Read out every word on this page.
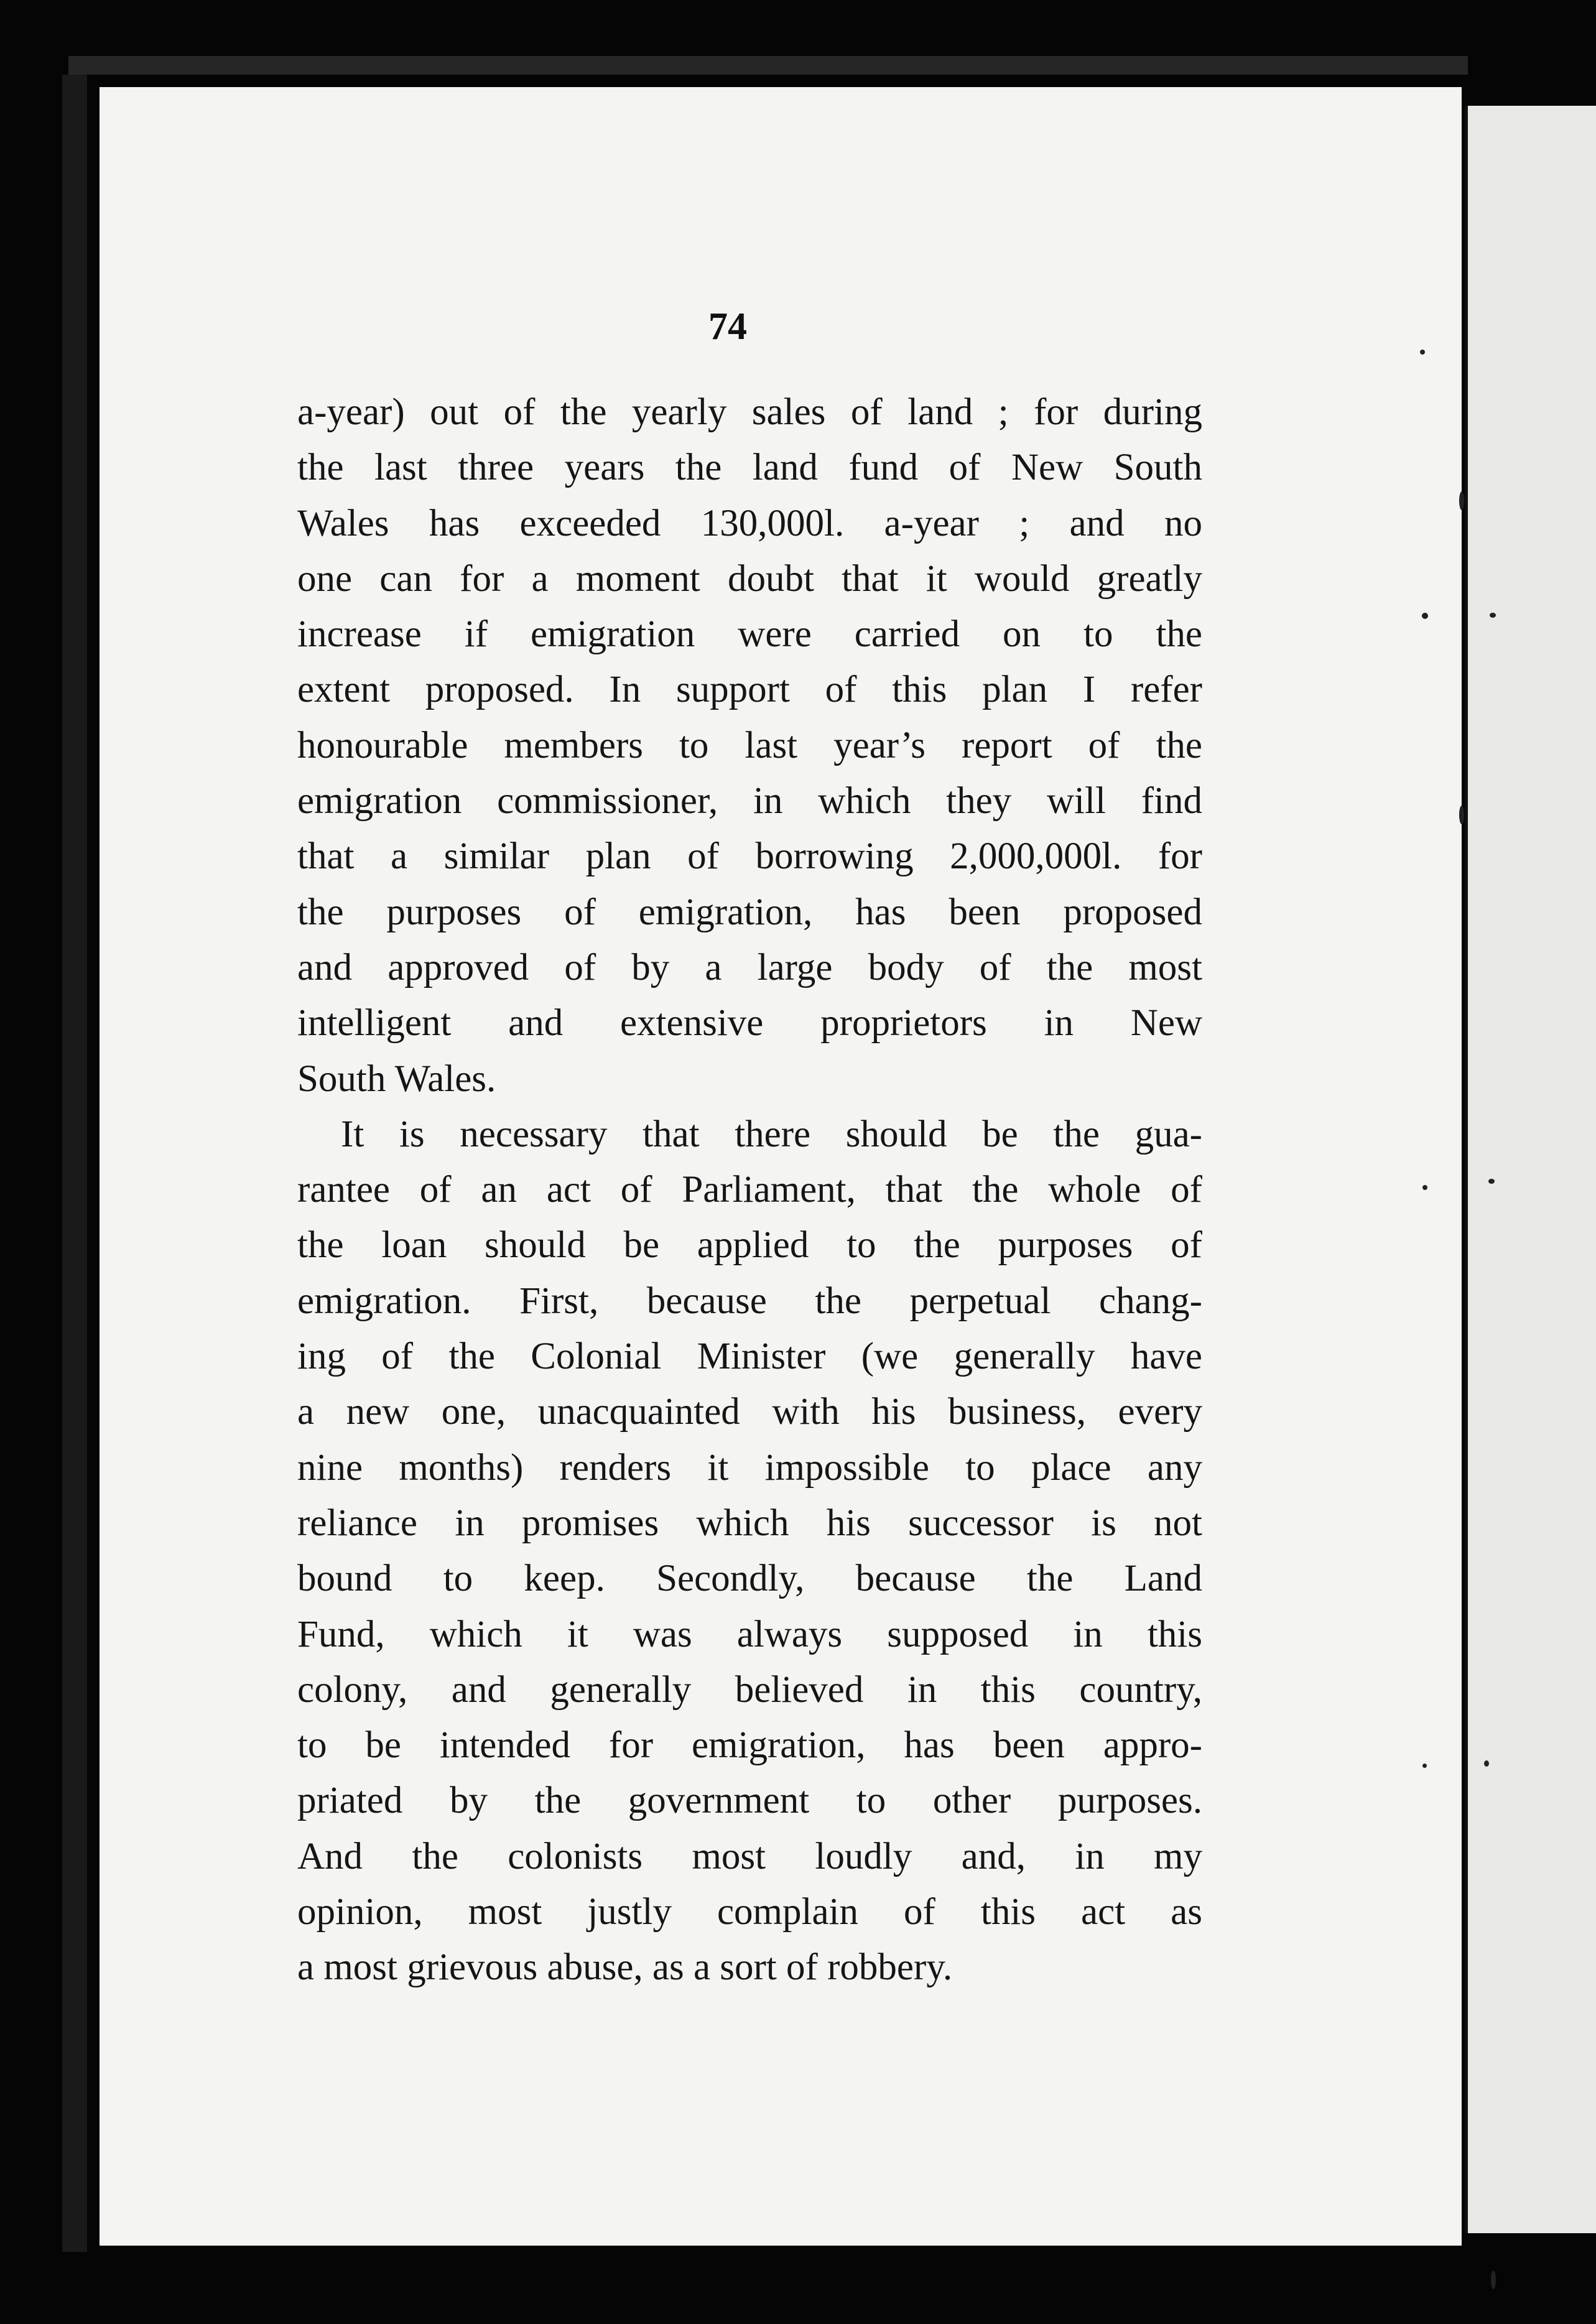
74
a-year) out of the yearly sales of land ; for during
the last three years the land fund of New South
Wales has exceeded 130,000l. a-year ; and no
one can for a moment doubt that it would greatly
increase if emigration were carried on to the
extent proposed. In support of this plan I refer
honourable members to last year’s report of the
emigration commissioner, in which they will find
that a similar plan of borrowing 2,000,000l. for
the purposes of emigration, has been proposed
and approved of by a large body of the most
intelligent and extensive proprietors in New
South Wales.
It is necessary that there should be the gua-
rantee of an act of Parliament, that the whole of
the loan should be applied to the purposes of
emigration. First, because the perpetual chang-
ing of the Colonial Minister (we generally have
a new one, unacquainted with his business, every
nine months) renders it impossible to place any
reliance in promises which his successor is not
bound to keep. Secondly, because the Land
Fund, which it was always supposed in this
colony, and generally believed in this country,
to be intended for emigration, has been appro-
priated by the government to other purposes.
And the colonists most loudly and, in my
opinion, most justly complain of this act as
a most grievous abuse, as a sort of robbery.
